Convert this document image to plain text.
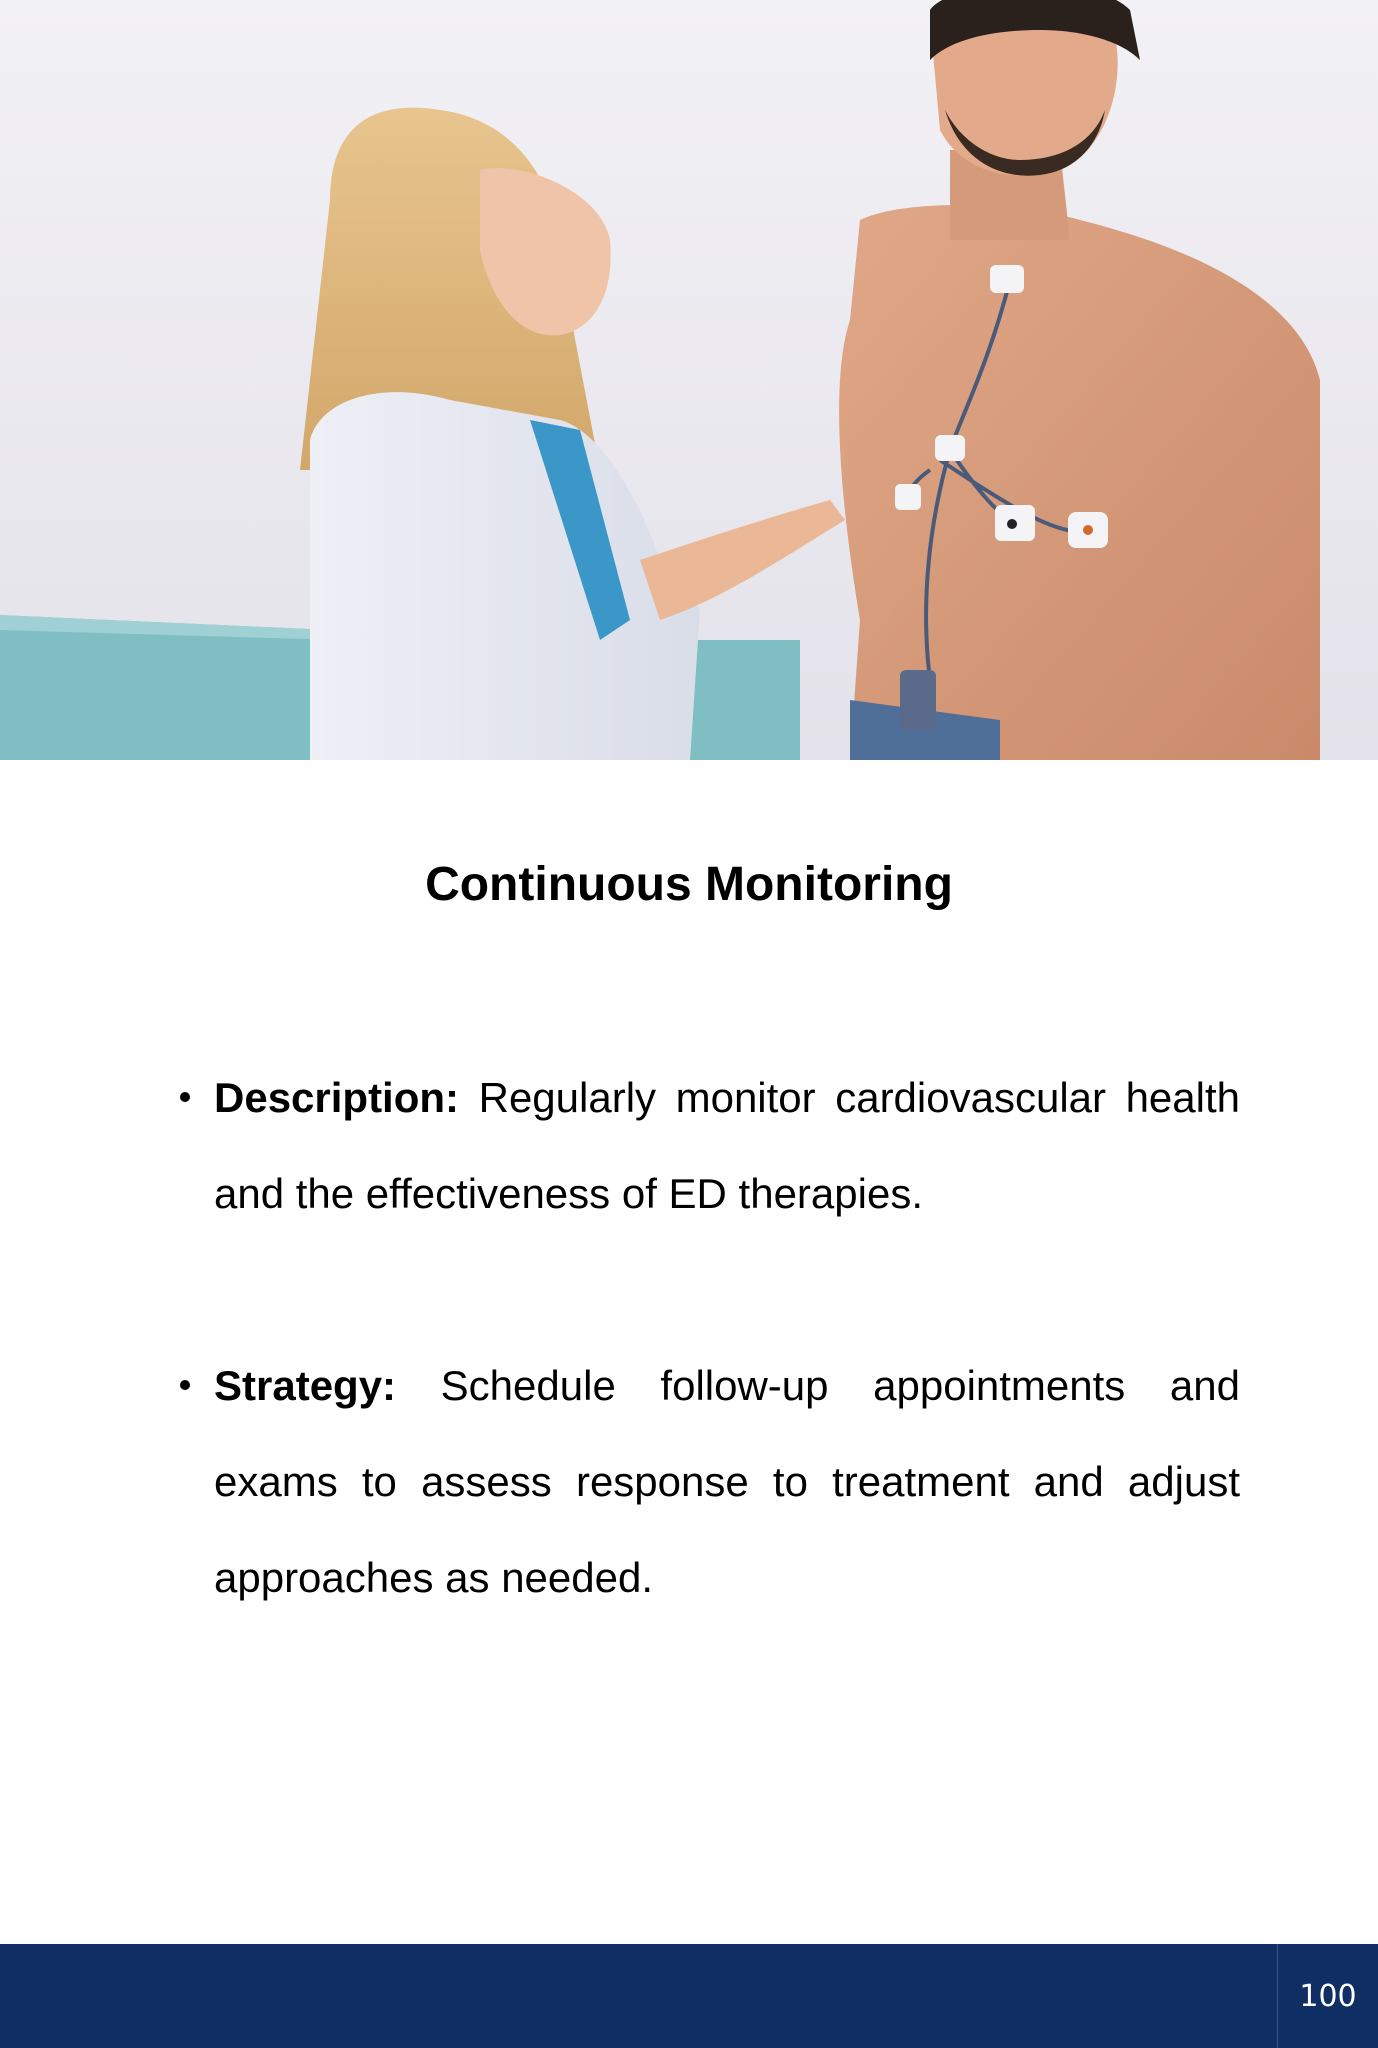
Continuous Monitoring
Description: Regularly monitor cardiovascular health and the effectiveness of ED therapies.
Strategy: Schedule follow-up appointments and exams to assess response to treatment and adjust approaches as needed.
100
